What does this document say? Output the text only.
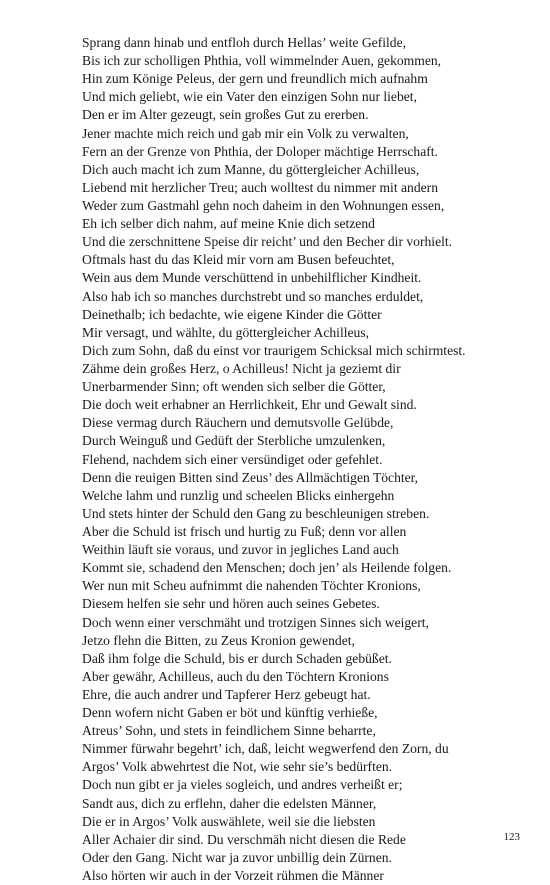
Sprang dann hinab und entfloh durch Hellas’ weite Gefilde,
Bis ich zur scholligen Phthia, voll wimmelnder Auen, gekommen,
Hin zum Könige Peleus, der gern und freundlich mich aufnahm
Und mich geliebt, wie ein Vater den einzigen Sohn nur liebet,
Den er im Alter gezeugt, sein großes Gut zu ererben.
Jener machte mich reich und gab mir ein Volk zu verwalten,
Fern an der Grenze von Phthia, der Doloper mächtige Herrschaft.
Dich auch macht ich zum Manne, du göttergleicher Achilleus,
Liebend mit herzlicher Treu; auch wolltest du nimmer mit andern
Weder zum Gastmahl gehn noch daheim in den Wohnungen essen,
Eh ich selber dich nahm, auf meine Knie dich setzend
Und die zerschnittene Speise dir reicht’ und den Becher dir vorhielt.
Oftmals hast du das Kleid mir vorn am Busen befeuchtet,
Wein aus dem Munde verschüttend in unbehilflicher Kindheit.
Also hab ich so manches durchstrebt und so manches erduldet,
Deinethalb; ich bedachte, wie eigene Kinder die Götter
Mir versagt, und wählte, du göttergleicher Achilleus,
Dich zum Sohn, daß du einst vor traurigem Schicksal mich schirmtest.
Zähme dein großes Herz, o Achilleus! Nicht ja geziemt dir
Unerbarmender Sinn; oft wenden sich selber die Götter,
Die doch weit erhabner an Herrlichkeit, Ehr und Gewalt sind.
Diese vermag durch Räuchern und demutsvolle Gelübde,
Durch Weinguß und Gedüft der Sterbliche umzulenken,
Flehend, nachdem sich einer versündiget oder gefehlet.
Denn die reuigen Bitten sind Zeus’ des Allmächtigen Töchter,
Welche lahm und runzlig und scheelen Blicks einhergehn
Und stets hinter der Schuld den Gang zu beschleunigen streben.
Aber die Schuld ist frisch und hurtig zu Fuß; denn vor allen
Weithin läuft sie voraus, und zuvor in jegliches Land auch
Kommt sie, schadend den Menschen; doch jen’ als Heilende folgen.
Wer nun mit Scheu aufnimmt die nahenden Töchter Kronions,
Diesem helfen sie sehr und hören auch seines Gebetes.
Doch wenn einer verschmäht und trotzigen Sinnes sich weigert,
Jetzo flehn die Bitten, zu Zeus Kronion gewendet,
Daß ihm folge die Schuld, bis er durch Schaden gebüßet.
Aber gewähr, Achilleus, auch du den Töchtern Kronions
Ehre, die auch andrer und Tapferer Herz gebeugt hat.
Denn wofern nicht Gaben er böt und künftig verhieße,
Atreus’ Sohn, und stets in feindlichem Sinne beharrte,
Nimmer fürwahr begehrt’ ich, daß, leicht wegwerfend den Zorn, du
Argos’ Volk abwehrtest die Not, wie sehr sie’s bedürften.
Doch nun gibt er ja vieles sogleich, und andres verheißt er;
Sandt aus, dich zu erflehn, daher die edelsten Männer,
Die er in Argos’ Volk auswählete, weil sie die liebsten
Aller Achaier dir sind. Du verschmäh nicht diesen die Rede
Oder den Gang. Nicht war ja zuvor unbillig dein Zürnen.
Also hörten wir auch in der Vorzeit rühmen die Männer
123
